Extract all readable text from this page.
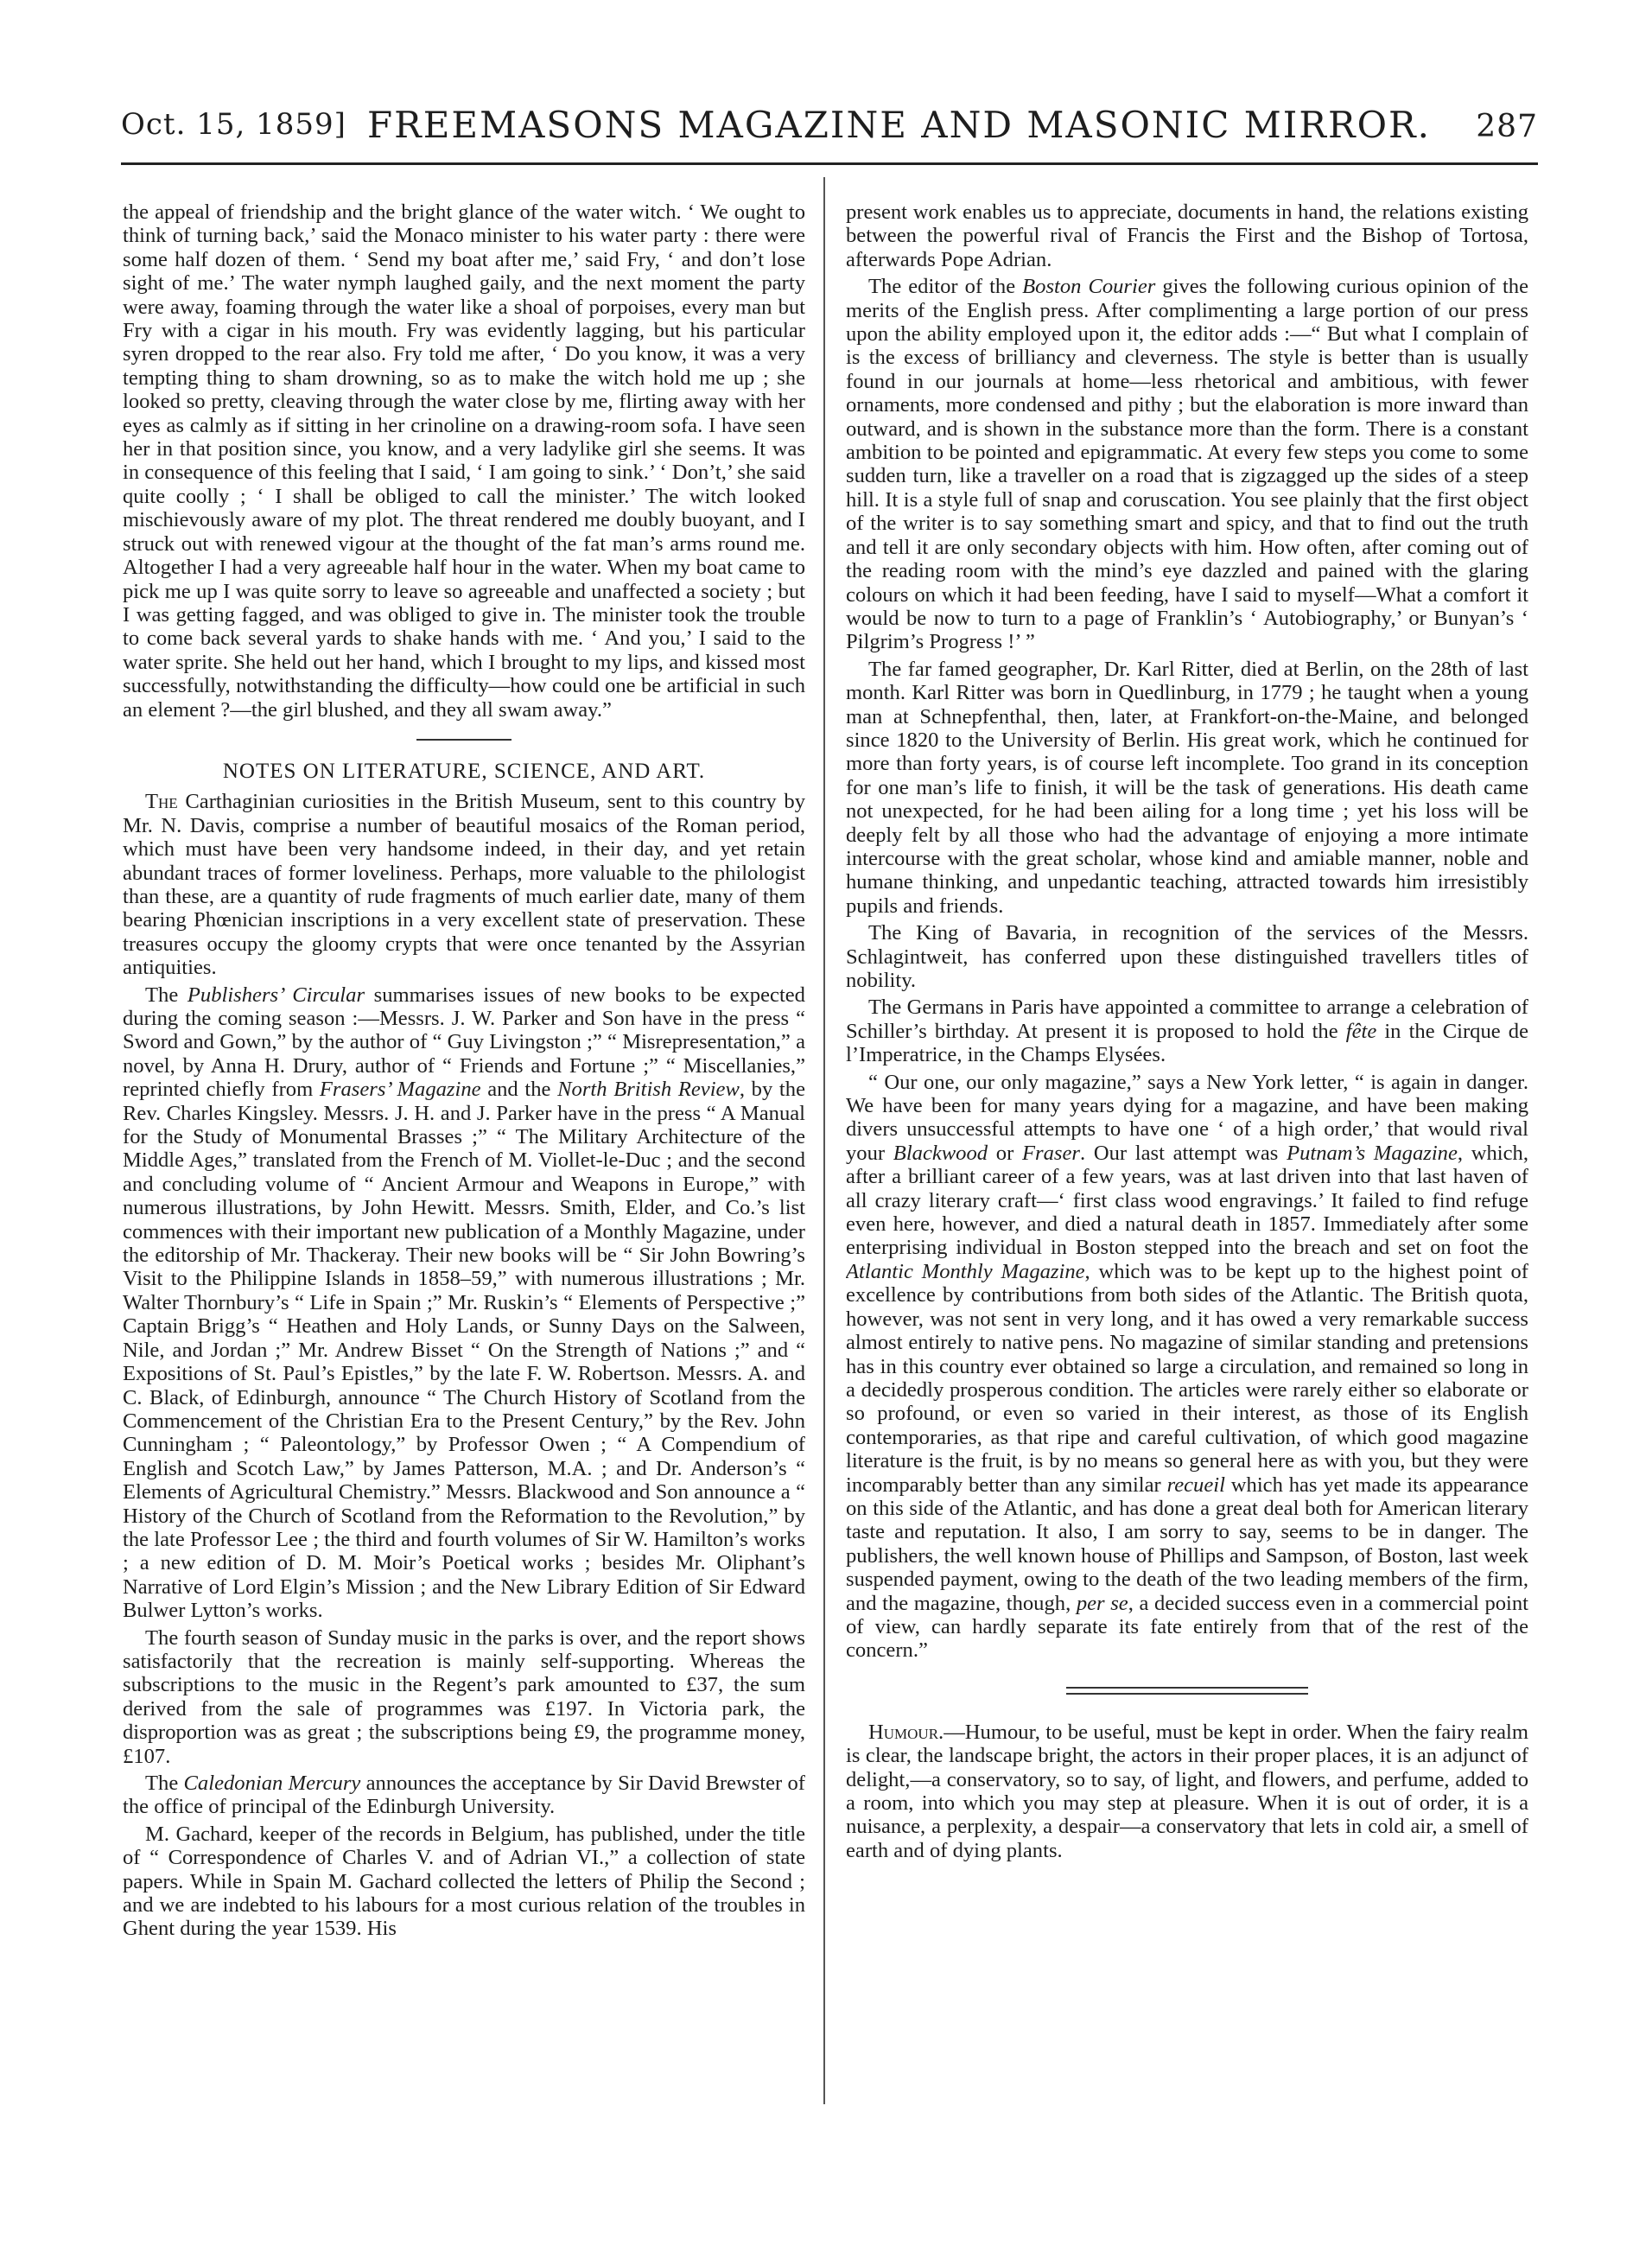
Oct. 15, 1859] FREEMASONS MAGAZINE AND MASONIC MIRROR. 287

the appeal of friendship and the bright glance of the water witch. ‘ We ought to think of turning back,’ said the Monaco minister to his water party : there were some half dozen of them. ‘ Send my boat after me,’ said Fry, ‘ and don’t lose sight of me.’ The water nymph laughed gaily, and the next moment the party were away, foaming through the water like a shoal of porpoises, every man but Fry with a cigar in his mouth. Fry was evidently lagging, but his particular syren dropped to the rear also. Fry told me after, ‘ Do you know, it was a very tempting thing to sham drowning, so as to make the witch hold me up ; she looked so pretty, cleaving through the water close by me, flirting away with her eyes as calmly as if sitting in her crinoline on a drawing-room sofa. I have seen her in that position since, you know, and a very ladylike girl she seems. It was in consequence of this feeling that I said, ‘ I am going to sink.’ ‘ Don’t,’ she said quite coolly ; ‘ I shall be obliged to call the minister.’ The witch looked mischievously aware of my plot. The threat rendered me doubly buoyant, and I struck out with renewed vigour at the thought of the fat man’s arms round me. Altogether I had a very agreeable half hour in the water. When my boat came to pick me up I was quite sorry to leave so agreeable and unaffected a society ; but I was getting fagged, and was obliged to give in. The minister took the trouble to come back several yards to shake hands with me. ‘ And you,’ I said to the water sprite. She held out her hand, which I brought to my lips, and kissed most successfully, notwithstanding the difficulty—how could one be artificial in such an element ?—the girl blushed, and they all swam away.”

NOTES ON LITERATURE, SCIENCE, AND ART.

The Carthaginian curiosities in the British Museum, sent to this country by Mr. N. Davis, comprise a number of beautiful mosaics of the Roman period, which must have been very handsome indeed, in their day, and yet retain abundant traces of former loveliness. Perhaps, more valuable to the philologist than these, are a quantity of rude fragments of much earlier date, many of them bearing Phœnician inscriptions in a very excellent state of preservation. These treasures occupy the gloomy crypts that were once tenanted by the Assyrian antiquities.

The Publishers’ Circular summarises issues of new books to be expected during the coming season :—Messrs. J. W. Parker and Son have in the press “ Sword and Gown,” by the author of “ Guy Livingston ;” “ Misrepresentation,” a novel, by Anna H. Drury, author of “ Friends and Fortune ;” “ Miscellanies,” reprinted chiefly from Frasers’ Magazine and the North British Review, by the Rev. Charles Kingsley. Messrs. J. H. and J. Parker have in the press “ A Manual for the Study of Monumental Brasses ;” “ The Military Architecture of the Middle Ages,” translated from the French of M. Viollet-le-Duc ; and the second and concluding volume of “ Ancient Armour and Weapons in Europe,” with numerous illustrations, by John Hewitt. Messrs. Smith, Elder, and Co.’s list commences with their important new publication of a Monthly Magazine, under the editorship of Mr. Thackeray. Their new books will be “ Sir John Bowring’s Visit to the Philippine Islands in 1858–59,” with numerous illustrations ; Mr. Walter Thornbury’s “ Life in Spain ;” Mr. Ruskin’s “ Elements of Perspective ;” Captain Brigg’s “ Heathen and Holy Lands, or Sunny Days on the Salween, Nile, and Jordan ;” Mr. Andrew Bisset “ On the Strength of Nations ;” and “ Expositions of St. Paul’s Epistles,” by the late F. W. Robertson. Messrs. A. and C. Black, of Edinburgh, announce “ The Church History of Scotland from the Commencement of the Christian Era to the Present Century,” by the Rev. John Cunningham ; “ Paleontology,” by Professor Owen ; “ A Compendium of English and Scotch Law,” by James Patterson, M.A. ; and Dr. Anderson’s “ Elements of Agricultural Chemistry.” Messrs. Blackwood and Son announce a “ History of the Church of Scotland from the Reformation to the Revolution,” by the late Professor Lee ; the third and fourth volumes of Sir W. Hamilton’s works ; a new edition of D. M. Moir’s Poetical works ; besides Mr. Oliphant’s Narrative of Lord Elgin’s Mission ; and the New Library Edition of Sir Edward Bulwer Lytton’s works.

The fourth season of Sunday music in the parks is over, and the report shows satisfactorily that the recreation is mainly self-supporting. Whereas the subscriptions to the music in the Regent’s park amounted to £37, the sum derived from the sale of programmes was £197. In Victoria park, the disproportion was as great ; the subscriptions being £9, the programme money, £107.

The Caledonian Mercury announces the acceptance by Sir David Brewster of the office of principal of the Edinburgh University.

M. Gachard, keeper of the records in Belgium, has published, under the title of “ Correspondence of Charles V. and of Adrian VI.,” a collection of state papers. While in Spain M. Gachard collected the letters of Philip the Second ; and we are indebted to his labours for a most curious relation of the troubles in Ghent during the year 1539. His

present work enables us to appreciate, documents in hand, the relations existing between the powerful rival of Francis the First and the Bishop of Tortosa, afterwards Pope Adrian.

The editor of the Boston Courier gives the following curious opinion of the merits of the English press. After complimenting a large portion of our press upon the ability employed upon it, the editor adds :—“ But what I complain of is the excess of brilliancy and cleverness. The style is better than is usually found in our journals at home—less rhetorical and ambitious, with fewer ornaments, more condensed and pithy ; but the elaboration is more inward than outward, and is shown in the substance more than the form. There is a constant ambition to be pointed and epigrammatic. At every few steps you come to some sudden turn, like a traveller on a road that is zigzagged up the sides of a steep hill. It is a style full of snap and coruscation. You see plainly that the first object of the writer is to say something smart and spicy, and that to find out the truth and tell it are only secondary objects with him. How often, after coming out of the reading room with the mind’s eye dazzled and pained with the glaring colours on which it had been feeding, have I said to myself—What a comfort it would be now to turn to a page of Franklin’s ‘ Autobiography,’ or Bunyan’s ‘ Pilgrim’s Progress !’ ”

The far famed geographer, Dr. Karl Ritter, died at Berlin, on the 28th of last month. Karl Ritter was born in Quedlinburg, in 1779 ; he taught when a young man at Schnepfenthal, then, later, at Frankfort-on-the-Maine, and belonged since 1820 to the University of Berlin. His great work, which he continued for more than forty years, is of course left incomplete. Too grand in its conception for one man’s life to finish, it will be the task of generations. His death came not unexpected, for he had been ailing for a long time ; yet his loss will be deeply felt by all those who had the advantage of enjoying a more intimate intercourse with the great scholar, whose kind and amiable manner, noble and humane thinking, and unpedantic teaching, attracted towards him irresistibly pupils and friends.

The King of Bavaria, in recognition of the services of the Messrs. Schlagintweit, has conferred upon these distinguished travellers titles of nobility.

The Germans in Paris have appointed a committee to arrange a celebration of Schiller’s birthday. At present it is proposed to hold the fête in the Cirque de l’Imperatrice, in the Champs Elysées.

“ Our one, our only magazine,” says a New York letter, “ is again in danger. We have been for many years dying for a magazine, and have been making divers unsuccessful attempts to have one ‘ of a high order,’ that would rival your Blackwood or Fraser. Our last attempt was Putnam’s Magazine, which, after a brilliant career of a few years, was at last driven into that last haven of all crazy literary craft—‘ first class wood engravings.’ It failed to find refuge even here, however, and died a natural death in 1857. Immediately after some enterprising individual in Boston stepped into the breach and set on foot the Atlantic Monthly Magazine, which was to be kept up to the highest point of excellence by contributions from both sides of the Atlantic. The British quota, however, was not sent in very long, and it has owed a very remarkable success almost entirely to native pens. No magazine of similar standing and pretensions has in this country ever obtained so large a circulation, and remained so long in a decidedly prosperous condition. The articles were rarely either so elaborate or so profound, or even so varied in their interest, as those of its English contemporaries, as that ripe and careful cultivation, of which good magazine literature is the fruit, is by no means so general here as with you, but they were incomparably better than any similar recueil which has yet made its appearance on this side of the Atlantic, and has done a great deal both for American literary taste and reputation. It also, I am sorry to say, seems to be in danger. The publishers, the well known house of Phillips and Sampson, of Boston, last week suspended payment, owing to the death of the two leading members of the firm, and the magazine, though, per se, a decided success even in a commercial point of view, can hardly separate its fate entirely from that of the rest of the concern.”

Humour.—Humour, to be useful, must be kept in order. When the fairy realm is clear, the landscape bright, the actors in their proper places, it is an adjunct of delight,—a conservatory, so to say, of light, and flowers, and perfume, added to a room, into which you may step at pleasure. When it is out of order, it is a nuisance, a perplexity, a despair—a conservatory that lets in cold air, a smell of earth and of dying plants.
